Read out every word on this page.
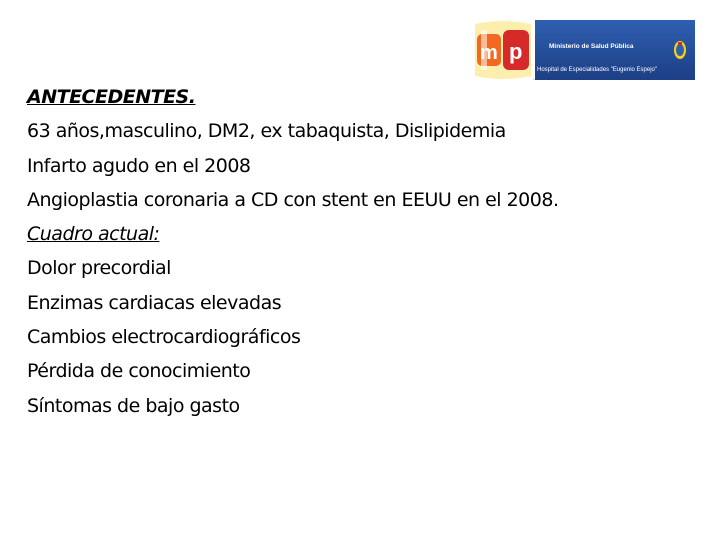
m p	Ministerio de Salud Pública
Hospital de Especialidades "Eugenio Espejo"
ANTECEDENTES.
63 años,masculino, DM2, ex tabaquista, Dislipidemia
Infarto agudo en el 2008
Angioplastia coronaria a CD con stent en EEUU en el 2008.
Cuadro actual:
Dolor precordial
Enzimas cardiacas elevadas
Cambios electrocardiográficos
Pérdida de conocimiento
Síntomas de bajo gasto
